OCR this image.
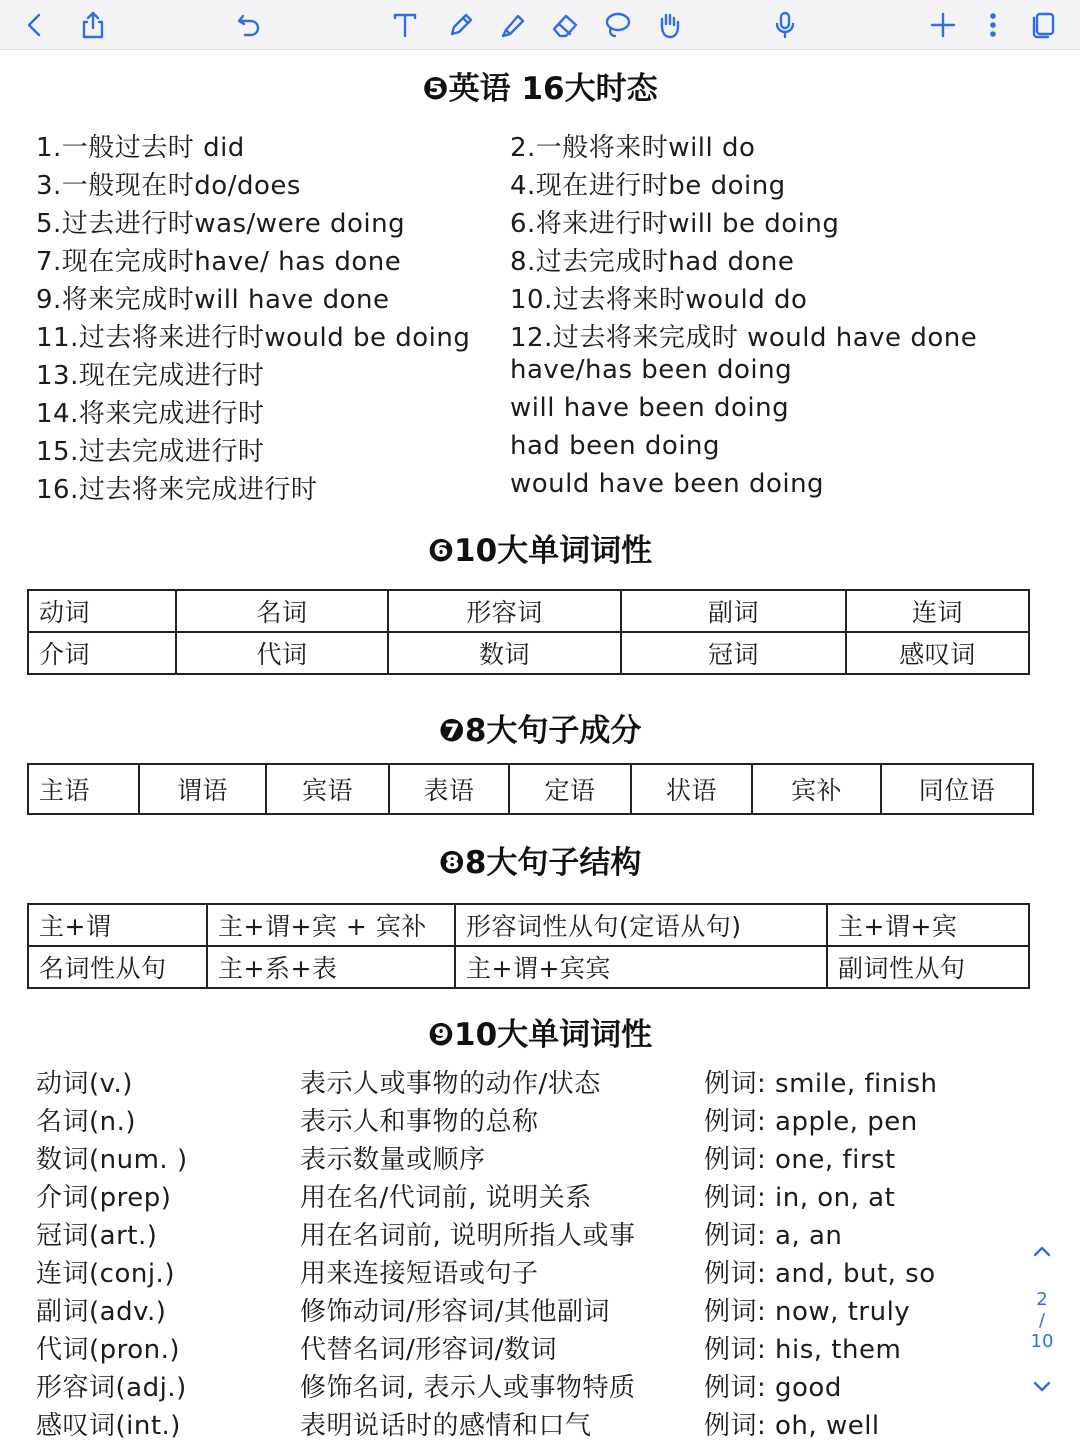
❺英语 16大时态
1.一般过去时 did
3.一般现在时do/does
5.过去进行时was/were doing
7.现在完成时have/ has done
9.将来完成时will have done
11.过去将来进行时would be doing
13.现在完成进行时
14.将来完成进行时
15.过去完成进行时
16.过去将来完成进行时
2.一般将来时will do
4.现在进行时be doing
6.将来进行时will be doing
8.过去完成时had done
10.过去将来时would do
12.过去将来完成时 would have done
have/has been doing
will have been doing
had been doing
would have been doing
❻10大单词词性
动词	名词	形容词	副词	连词
介词	代词	数词	冠词	感叹词
❼8大句子成分
主语	谓语	宾语	表语	定语	状语	宾补	同位语
❽8大句子结构
主+谓	主+谓+宾 + 宾补	形容词性从句(定语从句)	主+谓+宾
名词性从句	主+系+表	主+谓+宾宾	副词性从句
❾10大单词词性
动词(v.)	表示人或事物的动作/状态	例词: smile, finish
名词(n.)	表示人和事物的总称	例词: apple, pen
数词(num. )	表示数量或顺序	例词: one, first
介词(prep)	用在名/代词前, 说明关系	例词: in, on, at
冠词(art.)	用在名词前, 说明所指人或事	例词: a, an
连词(conj.)	用来连接短语或句子	例词: and, but, so
副词(adv.)	修饰动词/形容词/其他副词	例词: now, truly
代词(pron.)	代替名词/形容词/数词	例词: his, them
形容词(adj.)	修饰名词, 表示人或事物特质	例词: good
感叹词(int.)	表明说话时的感情和口气	例词: oh, well
2
/
10
